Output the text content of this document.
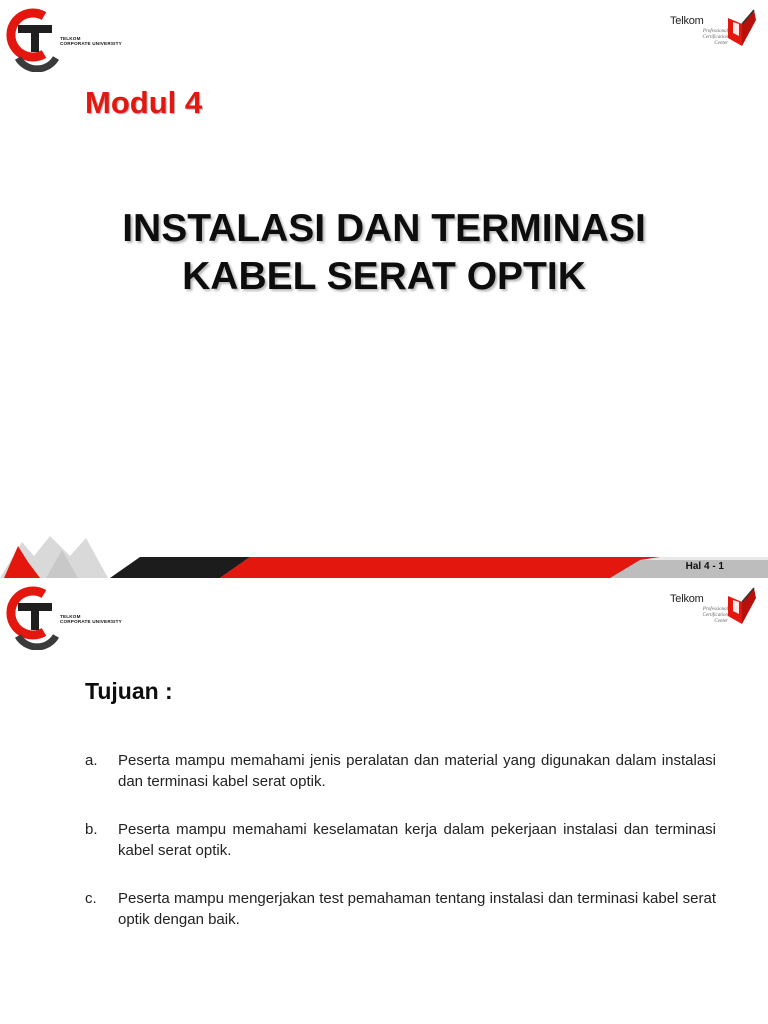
TELKOM
CORPORATE UNIVERSITY
Telkom
Professional
Certification
Center
Modul 4
INSTALASI DAN TERMINASI
KABEL SERAT OPTIK
Hal 4 - 1
TELKOM
CORPORATE UNIVERSITY
Telkom
Professional
Certification
Center
Tujuan :
a. Peserta mampu memahami jenis peralatan dan material yang digunakan dalam instalasi dan terminasi kabel serat optik.
b. Peserta mampu memahami keselamatan kerja dalam pekerjaan instalasi dan terminasi kabel serat optik.
c. Peserta mampu mengerjakan test pemahaman tentang instalasi dan terminasi kabel serat optik dengan baik.
